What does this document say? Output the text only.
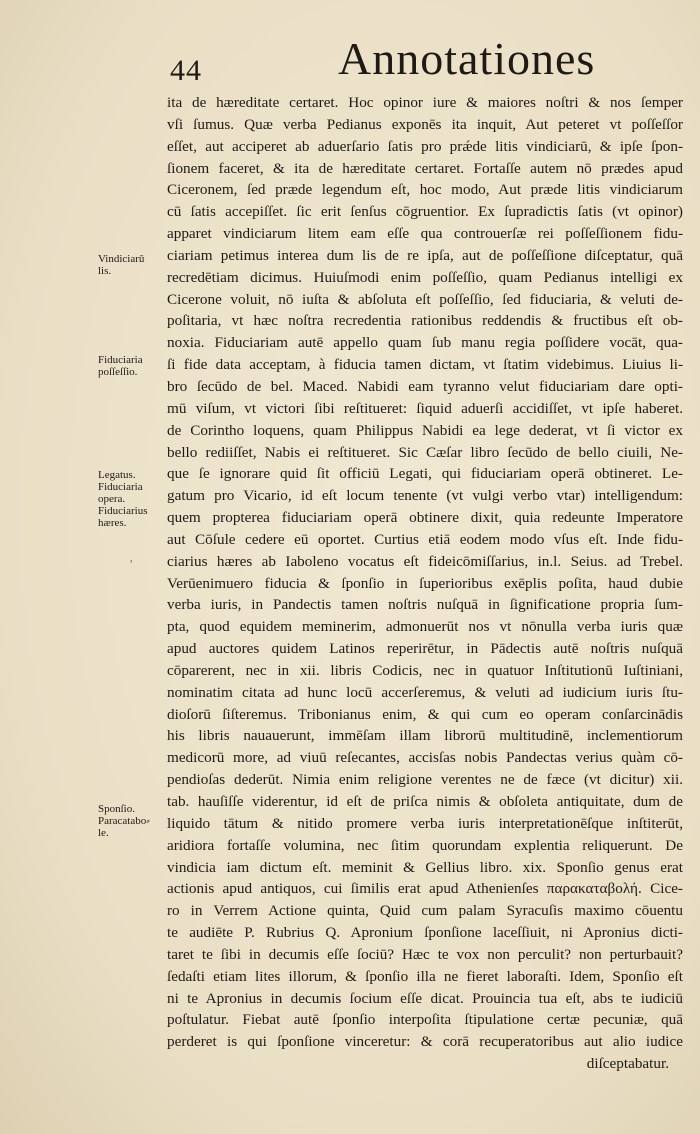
44	Annotationes
Vindiciarū
lis.
Fiduciaria
poſſeſſio.
Legatus.
Fiduciaria
opera.
Fiduciarius
hæres.
ʹ
Sponſio.
Paracatabo⸗
le.
ita de hæreditate certaret. Hoc opinor iure & maiores noſtri & nos ſemper
vſi ſumus. Quæ verba Pedianus exponēs ita inquit, Aut peteret vt poſſeſſor
eſſet, aut acciperet ab aduerſario ſatis pro prǽde litis vindiciarū, & ipſe ſpon-
ſionem faceret, & ita de hæreditate certaret. Fortaſſe autem nō prædes apud
Ciceronem, ſed præde legendum eſt, hoc modo, Aut præde litis vindiciarum
cū ſatis accepiſſet. ſic erit ſenſus cōgruentior. Ex ſupradictis ſatis (vt opinor)
apparet vindiciarum litem eam eſſe qua controuerſæ rei poſſeſſionem fidu-
ciariam petimus interea dum lis de re ipſa, aut de poſſeſſione diſceptatur, quā
recredētiam dicimus. Huiuſmodi enim poſſeſſio, quam Pedianus intelligi ex
Cicerone voluit, nō iuſta & abſoluta eſt poſſeſſio, ſed fiduciaria, & veluti de-
poſitaria, vt hæc noſtra recredentia rationibus reddendis & fructibus eſt ob-
noxia. Fiduciariam autē appello quam ſub manu regia poſſidere vocāt, qua-
ſi fide data acceptam, à fiducia tamen dictam, vt ſtatim videbimus. Liuius li-
bro ſecūdo de bel. Maced. Nabidi eam tyranno velut fiduciariam dare opti-
mū viſum, vt victori ſibi reſtitueret: ſiquid aduerſi accidiſſet, vt ipſe haberet.
de Corintho loquens, quam Philippus Nabidi ea lege dederat, vt ſi victor ex
bello rediiſſet, Nabis ei reſtitueret. Sic Cæſar libro ſecūdo de bello ciuili, Ne-
que ſe ignorare quid ſit officiū Legati, qui fiduciariam operā obtineret. Le-
gatum pro Vicario, id eſt locum tenente (vt vulgi verbo vtar) intelligendum:
quem propterea fiduciariam operā obtinere dixit, quia redeunte Imperatore
aut Cōſule cedere eū oportet. Curtius etiā eodem modo vſus eſt. Inde fidu-
ciarius hæres ab Iaboleno vocatus eſt fideicōmiſſarius, in.l. Seius. ad Trebel.
Verūenimuero fiducia & ſponſio in ſuperioribus exēplis poſita, haud dubie
verba iuris, in Pandectis tamen noſtris nuſquā in ſignificatione propria ſum-
pta, quod equidem meminerim, admonuerūt nos vt nōnulla verba iuris quæ
apud auctores quidem Latinos reperirētur, in Pādectis autē noſtris nuſquā
cōparerent, nec in xii. libris Codicis, nec in quatuor Inſtitutionū Iuſtiniani,
nominatim citata ad hunc locū accerſeremus, & veluti ad iudicium iuris ſtu-
dioſorū ſiſteremus. Tribonianus enim, & qui cum eo operam conſarcinādis
his libris nauauerunt, immēſam illam librorū multitudinē, inclementiorum
medicorū more, ad viuū reſecantes, accisſas nobis Pandectas verius quàm cō-
pendioſas dederūt. Nimia enim religione verentes ne de fæce (vt dicitur) xii.
tab. hauſiſſe viderentur, id eſt de priſca nimis & obſoleta antiquitate, dum de
liquido tātum & nitido promere verba iuris interpretationēſque inſtiterūt,
aridiora fortaſſe volumina, nec ſitim quorundam explentia reliquerunt. De
vindicia iam dictum eſt. meminit & Gellius libro. xix. Sponſio genus erat
actionis apud antiquos, cui ſimilis erat apud Athenienſes παρακαταβολή. Cice-
ro in Verrem Actione quinta, Quid cum palam Syracuſis maximo cōuentu
te audiēte P. Rubrius Q. Apronium ſponſione laceſſiuit, ni Apronius dicti-
taret te ſibi in decumis eſſe ſociū? Hæc te vox non perculit? non perturbauit?
ſedaſti etiam lites illorum, & ſponſio illa ne fieret laboraſti. Idem, Sponſio eſt
ni te Apronius in decumis ſocium eſſe dicat. Prouincia tua eſt, abs te iudiciū
poſtulatur. Fiebat autē ſponſio interpoſita ſtipulatione certæ pecuniæ, quā
perderet is qui ſponſione vinceretur: & corā recuperatoribus aut alio iudice
diſceptabatur.
